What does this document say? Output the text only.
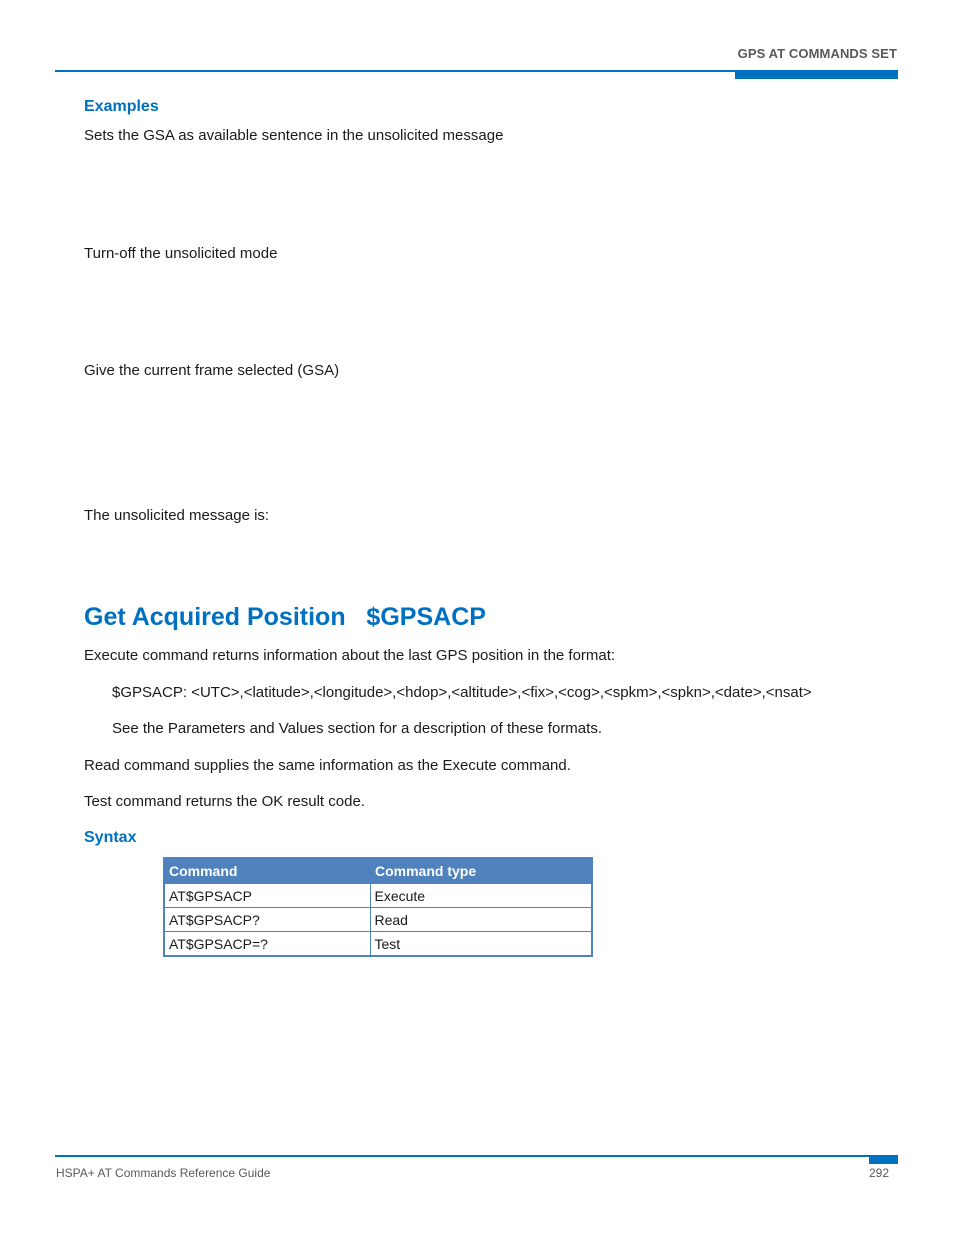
GPS AT COMMANDS SET
Examples
Sets the GSA as available sentence in the unsolicited message
Turn-off the unsolicited mode
Give the current frame selected (GSA)
The unsolicited message is:
Get Acquired Position   $GPSACP
Execute command returns information about the last GPS position in the format:
$GPSACP: <UTC>,<latitude>,<longitude>,<hdop>,<altitude>,<fix>,<cog>,<spkm>,<spkn>,<date>,<nsat>
See the Parameters and Values section for a description of these formats.
Read command supplies the same information as the Execute command.
Test command returns the OK result code.
Syntax
Command	Command type
AT$GPSACP	Execute
AT$GPSACP?	Read
AT$GPSACP=?	Test
HSPA+ AT Commands Reference Guide	292
